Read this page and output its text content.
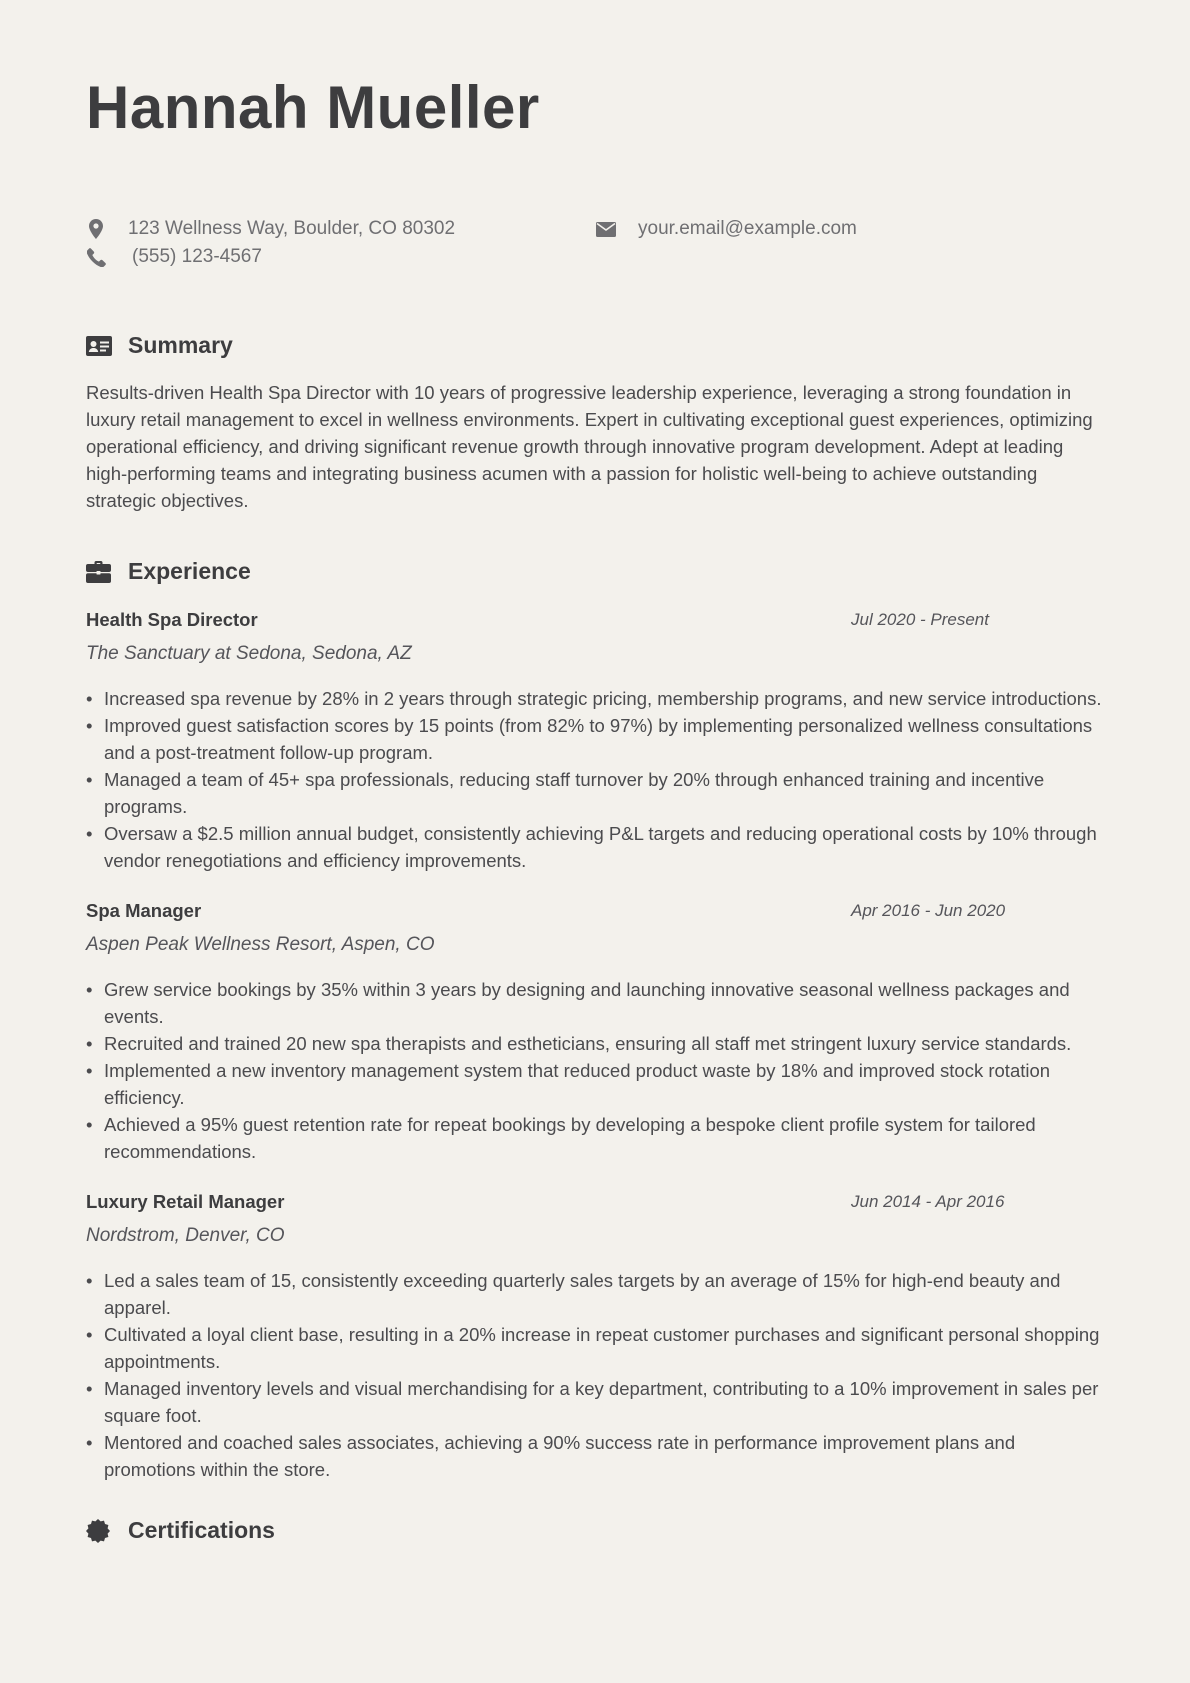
Hannah Mueller
123 Wellness Way, Boulder, CO 80302	your.email@example.com
(555) 123-4567
Summary

Results-driven Health Spa Director with 10 years of progressive leadership experience, leveraging a strong foundation in luxury retail management to excel in wellness environments. Expert in cultivating exceptional guest experiences, optimizing operational efficiency, and driving significant revenue growth through innovative program development. Adept at leading high-performing teams and integrating business acumen with a passion for holistic well-being to achieve outstanding strategic objectives.

Experience
Health Spa Director	Jul 2020 - Present
The Sanctuary at Sedona, Sedona, AZ
• Increased spa revenue by 28% in 2 years through strategic pricing, membership programs, and new service introductions.
• Improved guest satisfaction scores by 15 points (from 82% to 97%) by implementing personalized wellness consultations and a post-treatment follow-up program.
• Managed a team of 45+ spa professionals, reducing staff turnover by 20% through enhanced training and incentive programs.
• Oversaw a $2.5 million annual budget, consistently achieving P&L targets and reducing operational costs by 10% through vendor renegotiations and efficiency improvements.
Spa Manager	Apr 2016 - Jun 2020
Aspen Peak Wellness Resort, Aspen, CO
• Grew service bookings by 35% within 3 years by designing and launching innovative seasonal wellness packages and events.
• Recruited and trained 20 new spa therapists and estheticians, ensuring all staff met stringent luxury service standards.
• Implemented a new inventory management system that reduced product waste by 18% and improved stock rotation efficiency.
• Achieved a 95% guest retention rate for repeat bookings by developing a bespoke client profile system for tailored recommendations.
Luxury Retail Manager	Jun 2014 - Apr 2016
Nordstrom, Denver, CO
• Led a sales team of 15, consistently exceeding quarterly sales targets by an average of 15% for high-end beauty and apparel.
• Cultivated a loyal client base, resulting in a 20% increase in repeat customer purchases and significant personal shopping appointments.
• Managed inventory levels and visual merchandising for a key department, contributing to a 10% improvement in sales per square foot.
• Mentored and coached sales associates, achieving a 90% success rate in performance improvement plans and promotions within the store.
Certifications
